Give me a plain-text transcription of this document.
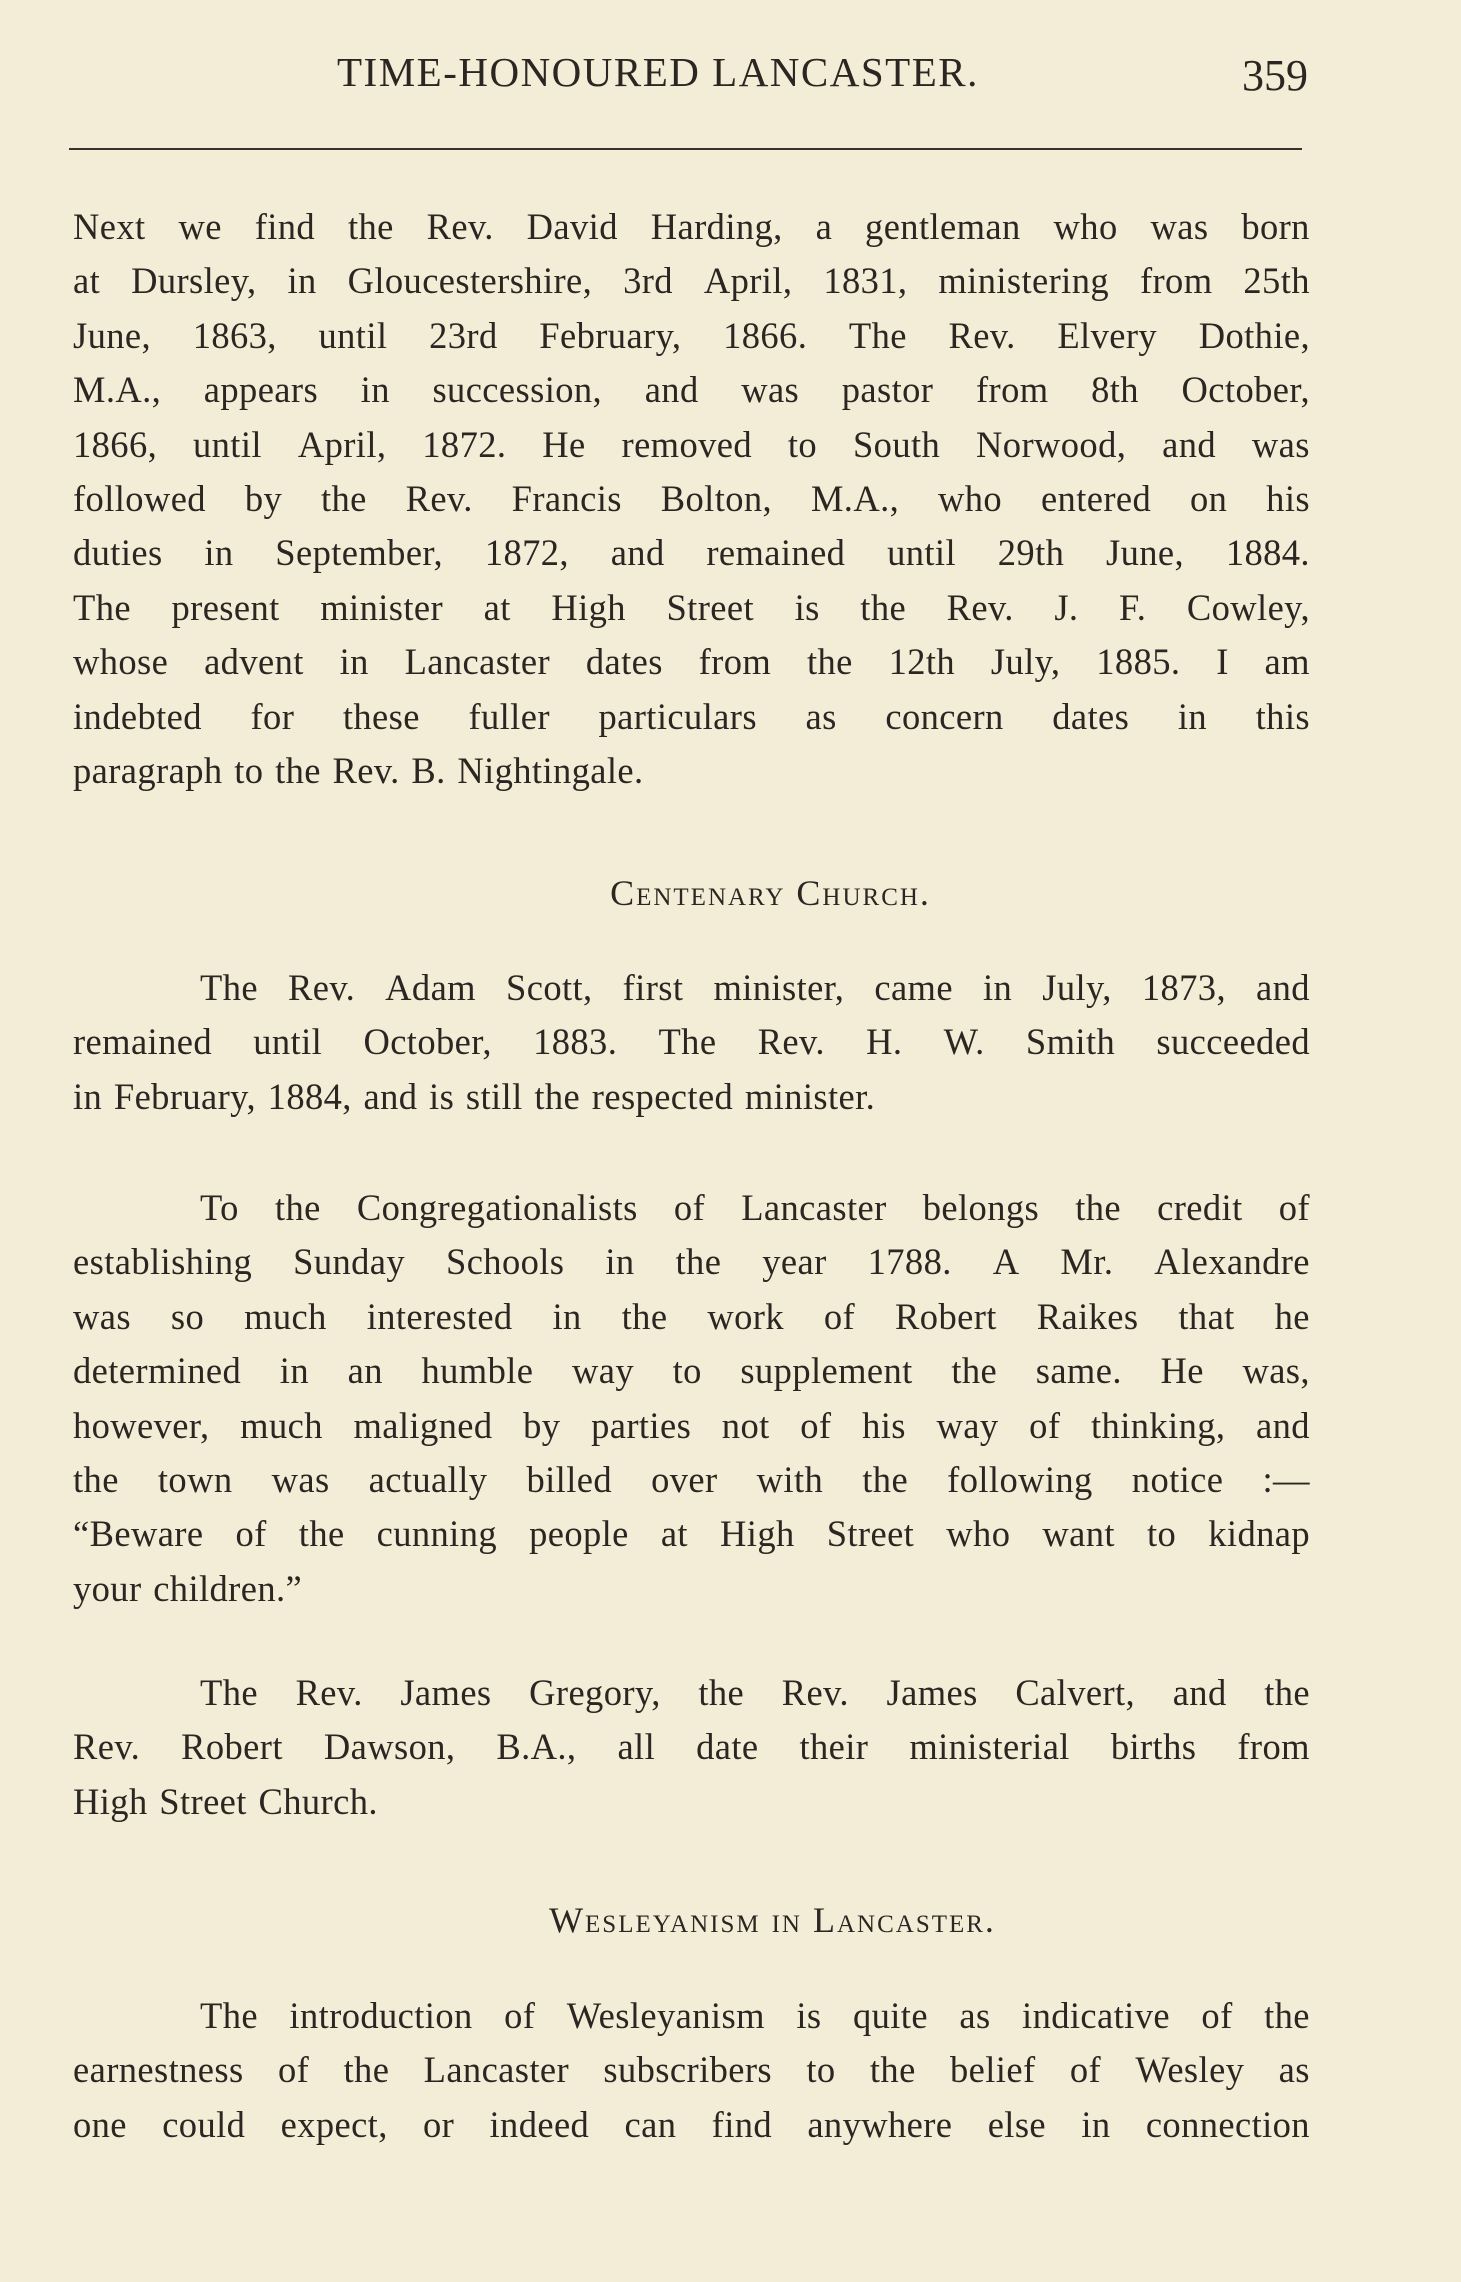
TIME-HONOURED LANCASTER.	359
Next we find the Rev. David Harding, a gentleman who was born
at Dursley, in Gloucestershire, 3rd April, 1831, ministering from 25th
June, 1863, until 23rd February, 1866. The Rev. Elvery Dothie,
M.A., appears in succession, and was pastor from 8th October,
1866, until April, 1872. He removed to South Norwood, and was
followed by the Rev. Francis Bolton, M.A., who entered on his
duties in September, 1872, and remained until 29th June, 1884.
The present minister at High Street is the Rev. J. F. Cowley,
whose advent in Lancaster dates from the 12th July, 1885. I am
indebted for these fuller particulars as concern dates in this
paragraph to the Rev. B. Nightingale.
Centenary Church.
The Rev. Adam Scott, first minister, came in July, 1873, and
remained until October, 1883. The Rev. H. W. Smith succeeded
in February, 1884, and is still the respected minister.
To the Congregationalists of Lancaster belongs the credit of
establishing Sunday Schools in the year 1788. A Mr. Alexandre
was so much interested in the work of Robert Raikes that he
determined in an humble way to supplement the same. He was,
however, much maligned by parties not of his way of thinking, and
the town was actually billed over with the following notice :—
“Beware of the cunning people at High Street who want to kidnap
your children.”
The Rev. James Gregory, the Rev. James Calvert, and the
Rev. Robert Dawson, B.A., all date their ministerial births from
High Street Church.
Wesleyanism in Lancaster.
The introduction of Wesleyanism is quite as indicative of the
earnestness of the Lancaster subscribers to the belief of Wesley as
one could expect, or indeed can find anywhere else in connection
